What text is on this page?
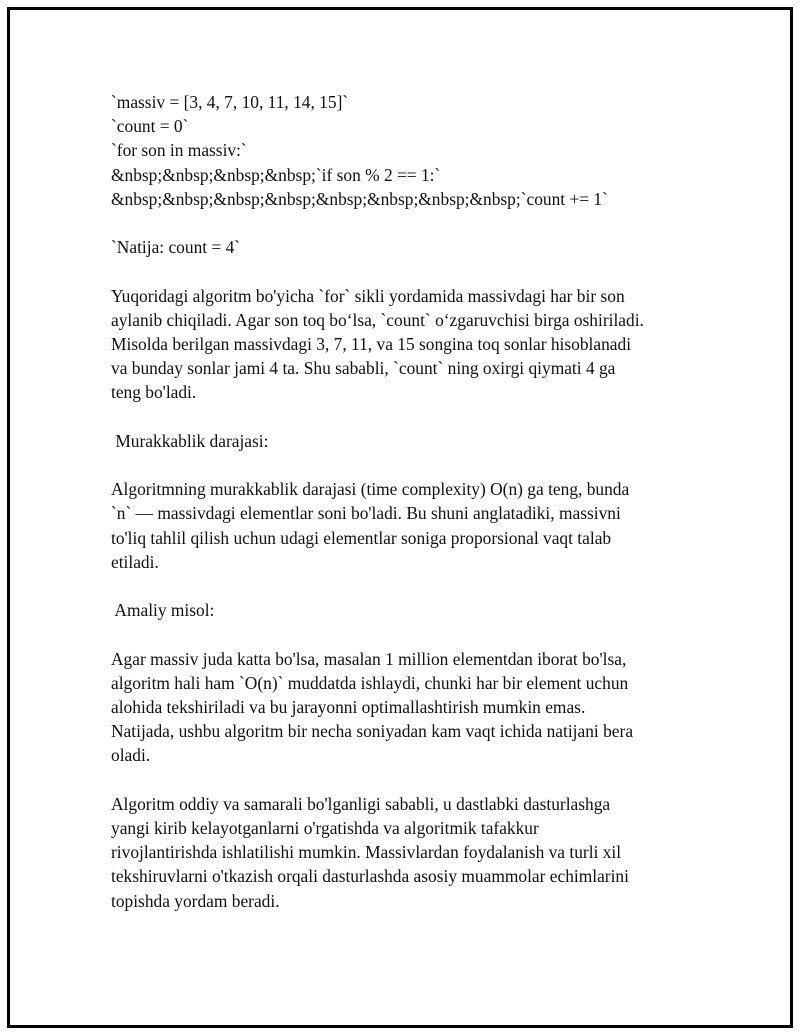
`massiv = [3, 4, 7, 10, 11, 14, 15]`

`count = 0`

`for son in massiv:`

&nbsp;&nbsp;&nbsp;&nbsp;`if son % 2 == 1:`

&nbsp;&nbsp;&nbsp;&nbsp;&nbsp;&nbsp;&nbsp;&nbsp;`count += 1`

`Natija: count = 4`

Yuqoridagi algoritm bo'yicha `for` sikli yordamida massivdagi har bir son

aylanib chiqiladi. Agar son toq bo‘lsa, `count` o‘zgaruvchisi birga oshiriladi.

Misolda berilgan massivdagi 3, 7, 11, va 15 songina toq sonlar hisoblanadi

va bunday sonlar jami 4 ta. Shu sababli, `count` ning oxirgi qiymati 4 ga

teng bo'ladi.

Murakkablik darajasi:

Algoritmning murakkablik darajasi (time complexity) O(n) ga teng, bunda

`n` — massivdagi elementlar soni bo'ladi. Bu shuni anglatadiki, massivni

to'liq tahlil qilish uchun udagi elementlar soniga proporsional vaqt talab

etiladi.

Amaliy misol:

Agar massiv juda katta bo'lsa, masalan 1 million elementdan iborat bo'lsa,

algoritm hali ham `O(n)` muddatda ishlaydi, chunki har bir element uchun

alohida tekshiriladi va bu jarayonni optimallashtirish mumkin emas.

Natijada, ushbu algoritm bir necha soniyadan kam vaqt ichida natijani bera

oladi.

Algoritm oddiy va samarali bo'lganligi sababli, u dastlabki dasturlashga

yangi kirib kelayotganlarni o'rgatishda va algoritmik tafakkur

rivojlantirishda ishlatilishi mumkin. Massivlardan foydalanish va turli xil

tekshiruvlarni o'tkazish orqali dasturlashda asosiy muammolar echimlarini

topishda yordam beradi.
